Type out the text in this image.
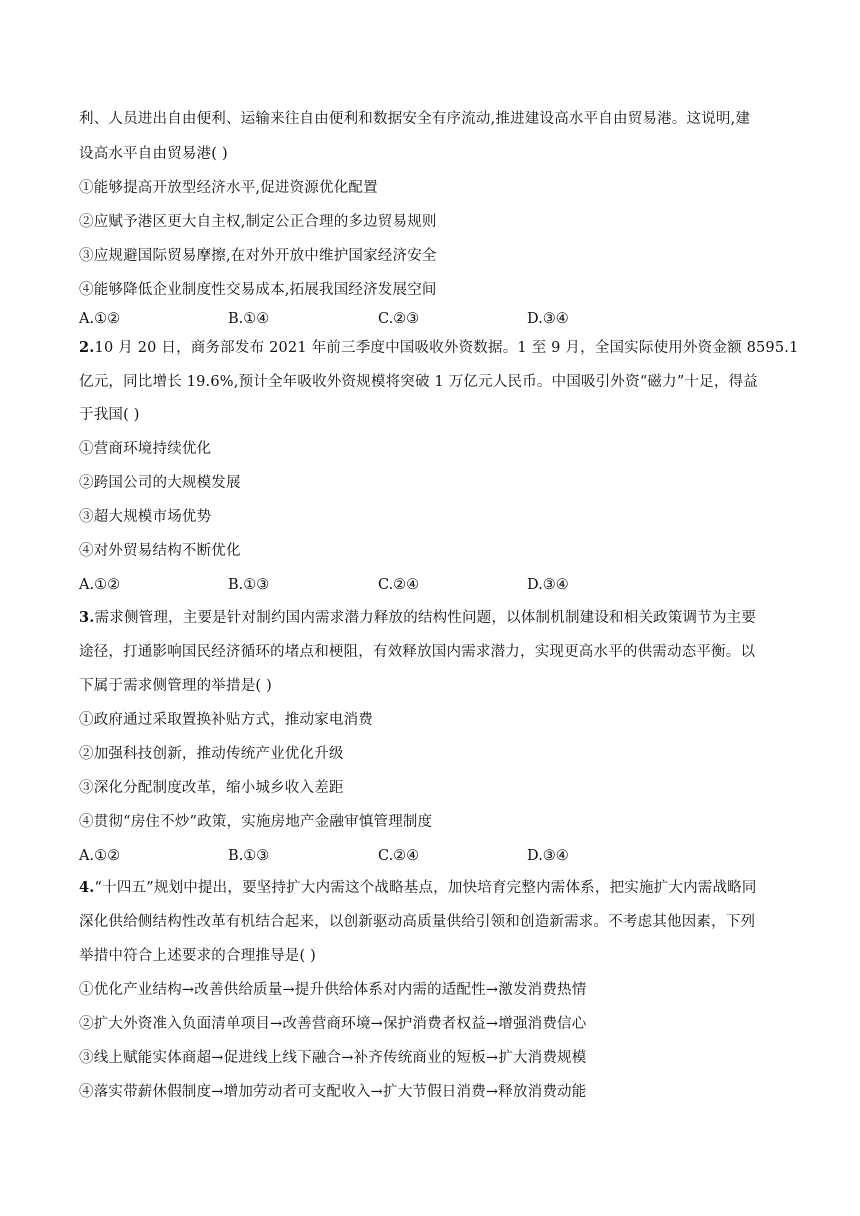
利、人员进出自由便利、运输来往自由便利和数据安全有序流动,推进建设高水平自由贸易港。这说明,建
设高水平自由贸易港( )
①能够提高开放型经济水平,促进资源优化配置
②应赋予港区更大自主权,制定公正合理的多边贸易规则
③应规避国际贸易摩擦,在对外开放中维护国家经济安全
④能够降低企业制度性交易成本,拓展我国经济发展空间
A.①②	B.①④	C.②③	D.③④
2.10 月 20 日，商务部发布 2021 年前三季度中国吸收外资数据。1 至 9 月，全国实际使用外资金额 8595.1
亿元，同比增长 19.6%,预计全年吸收外资规模将突破 1 万亿元人民币。中国吸引外资“磁力”十足，得益
于我国( )
①营商环境持续优化
②跨国公司的大规模发展
③超大规模市场优势
④对外贸易结构不断优化
A.①②	B.①③	C.②④	D.③④
3.需求侧管理，主要是针对制约国内需求潜力释放的结构性问题，以体制机制建设和相关政策调节为主要
途径，打通影响国民经济循环的堵点和梗阻，有效释放国内需求潜力，实现更高水平的供需动态平衡。以
下属于需求侧管理的举措是( )
①政府通过采取置换补贴方式，推动家电消费
②加强科技创新，推动传统产业优化升级
③深化分配制度改革，缩小城乡收入差距
④贯彻“房住不炒”政策，实施房地产金融审慎管理制度
A.①②	B.①③	C.②④	D.③④
4.“十四五”规划中提出，要坚持扩大内需这个战略基点，加快培育完整内需体系，把实施扩大内需战略同
深化供给侧结构性改革有机结合起来，以创新驱动高质量供给引领和创造新需求。不考虑其他因素，下列
举措中符合上述要求的合理推导是( )
①优化产业结构→改善供给质量→提升供给体系对内需的适配性→激发消费热情
②扩大外资准入负面清单项目→改善营商环境→保护消费者权益→增强消费信心
③线上赋能实体商超→促进线上线下融合→补齐传统商业的短板→扩大消费规模
④落实带薪休假制度→增加劳动者可支配收入→扩大节假日消费→释放消费动能
